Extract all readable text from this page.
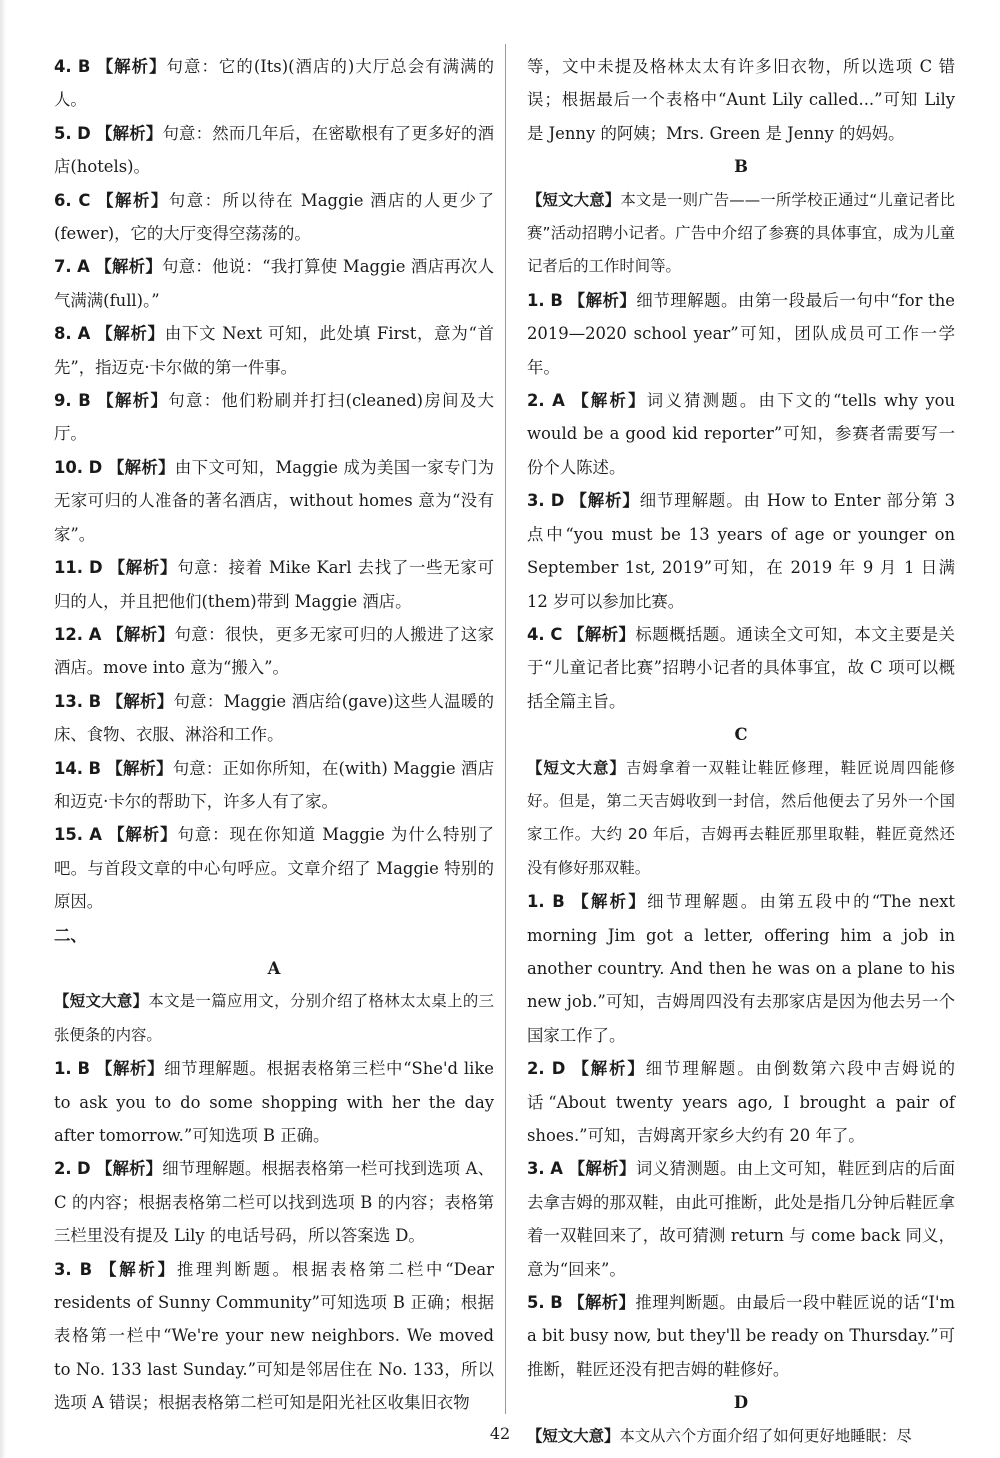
4. B 【解析】句意：它的(Its)(酒店的)大厅总会有满满的人。

5. D 【解析】句意：然而几年后，在密歇根有了更多好的酒店(hotels)。

6. C 【解析】句意：所以待在 Maggie 酒店的人更少了(fewer)，它的大厅变得空荡荡的。

7. A 【解析】句意：他说：“我打算使 Maggie 酒店再次人气满满(full)。”

8. A 【解析】由下文 Next 可知，此处填 First，意为“首先”，指迈克·卡尔做的第一件事。

9. B 【解析】句意：他们粉刷并打扫(cleaned)房间及大厅。

10. D 【解析】由下文可知，Maggie 成为美国一家专门为无家可归的人准备的著名酒店，without homes 意为“没有家”。

11. D 【解析】句意：接着 Mike Karl 去找了一些无家可归的人，并且把他们(them)带到 Maggie 酒店。

12. A 【解析】句意：很快，更多无家可归的人搬进了这家酒店。move into 意为“搬入”。

13. B 【解析】句意：Maggie 酒店给(gave)这些人温暖的床、食物、衣服、淋浴和工作。

14. B 【解析】句意：正如你所知，在(with) Maggie 酒店和迈克·卡尔的帮助下，许多人有了家。

15. A 【解析】句意：现在你知道 Maggie 为什么特别了吧。与首段文章的中心句呼应。文章介绍了 Maggie 特别的原因。

二、

A

【短文大意】本文是一篇应用文，分别介绍了格林太太桌上的三张便条的内容。

1. B 【解析】细节理解题。根据表格第三栏中“She'd like to ask you to do some shopping with her the day after tomorrow.”可知选项 B 正确。

2. D 【解析】细节理解题。根据表格第一栏可找到选项 A、C 的内容；根据表格第二栏可以找到选项 B 的内容；表格第三栏里没有提及 Lily 的电话号码，所以答案选 D。

3. B 【解析】推理判断题。根据表格第二栏中“Dear residents of Sunny Community”可知选项 B 正确；根据表格第一栏中“We're your new neighbors. We moved to No. 133 last Sunday.”可知是邻居住在 No. 133，所以选项 A 错误；根据表格第二栏可知是阳光社区收集旧衣物

等，文中未提及格林太太有许多旧衣物，所以选项 C 错误；根据最后一个表格中“Aunt Lily called...”可知 Lily 是 Jenny 的阿姨；Mrs. Green 是 Jenny 的妈妈。

B

【短文大意】本文是一则广告——一所学校正通过“儿童记者比赛”活动招聘小记者。广告中介绍了参赛的具体事宜，成为儿童记者后的工作时间等。

1. B 【解析】细节理解题。由第一段最后一句中“for the 2019—2020 school year”可知，团队成员可工作一学年。

2. A 【解析】词义猜测题。由下文的“tells why you would be a good kid reporter”可知，参赛者需要写一份个人陈述。

3. D 【解析】细节理解题。由 How to Enter 部分第 3 点中“you must be 13 years of age or younger on September 1st, 2019”可知，在 2019 年 9 月 1 日满 12 岁可以参加比赛。

4. C 【解析】标题概括题。通读全文可知，本文主要是关于“儿童记者比赛”招聘小记者的具体事宜，故 C 项可以概括全篇主旨。

C

【短文大意】吉姆拿着一双鞋让鞋匠修理，鞋匠说周四能修好。但是，第二天吉姆收到一封信，然后他便去了另外一个国家工作。大约 20 年后，吉姆再去鞋匠那里取鞋，鞋匠竟然还没有修好那双鞋。

1. B 【解析】细节理解题。由第五段中的“The next morning Jim got a letter, offering him a job in another country. And then he was on a plane to his new job.”可知，吉姆周四没有去那家店是因为他去另一个国家工作了。

2. D 【解析】细节理解题。由倒数第六段中吉姆说的话“About twenty years ago, I brought a pair of shoes.”可知，吉姆离开家乡大约有 20 年了。

3. A 【解析】词义猜测题。由上文可知，鞋匠到店的后面去拿吉姆的那双鞋，由此可推断，此处是指几分钟后鞋匠拿着一双鞋回来了，故可猜测 return 与 come back 同义，意为“回来”。

5. B 【解析】推理判断题。由最后一段中鞋匠说的话“I'm a bit busy now, but they'll be ready on Thursday.”可推断，鞋匠还没有把吉姆的鞋修好。

D

【短文大意】本文从六个方面介绍了如何更好地睡眠：尽

42
